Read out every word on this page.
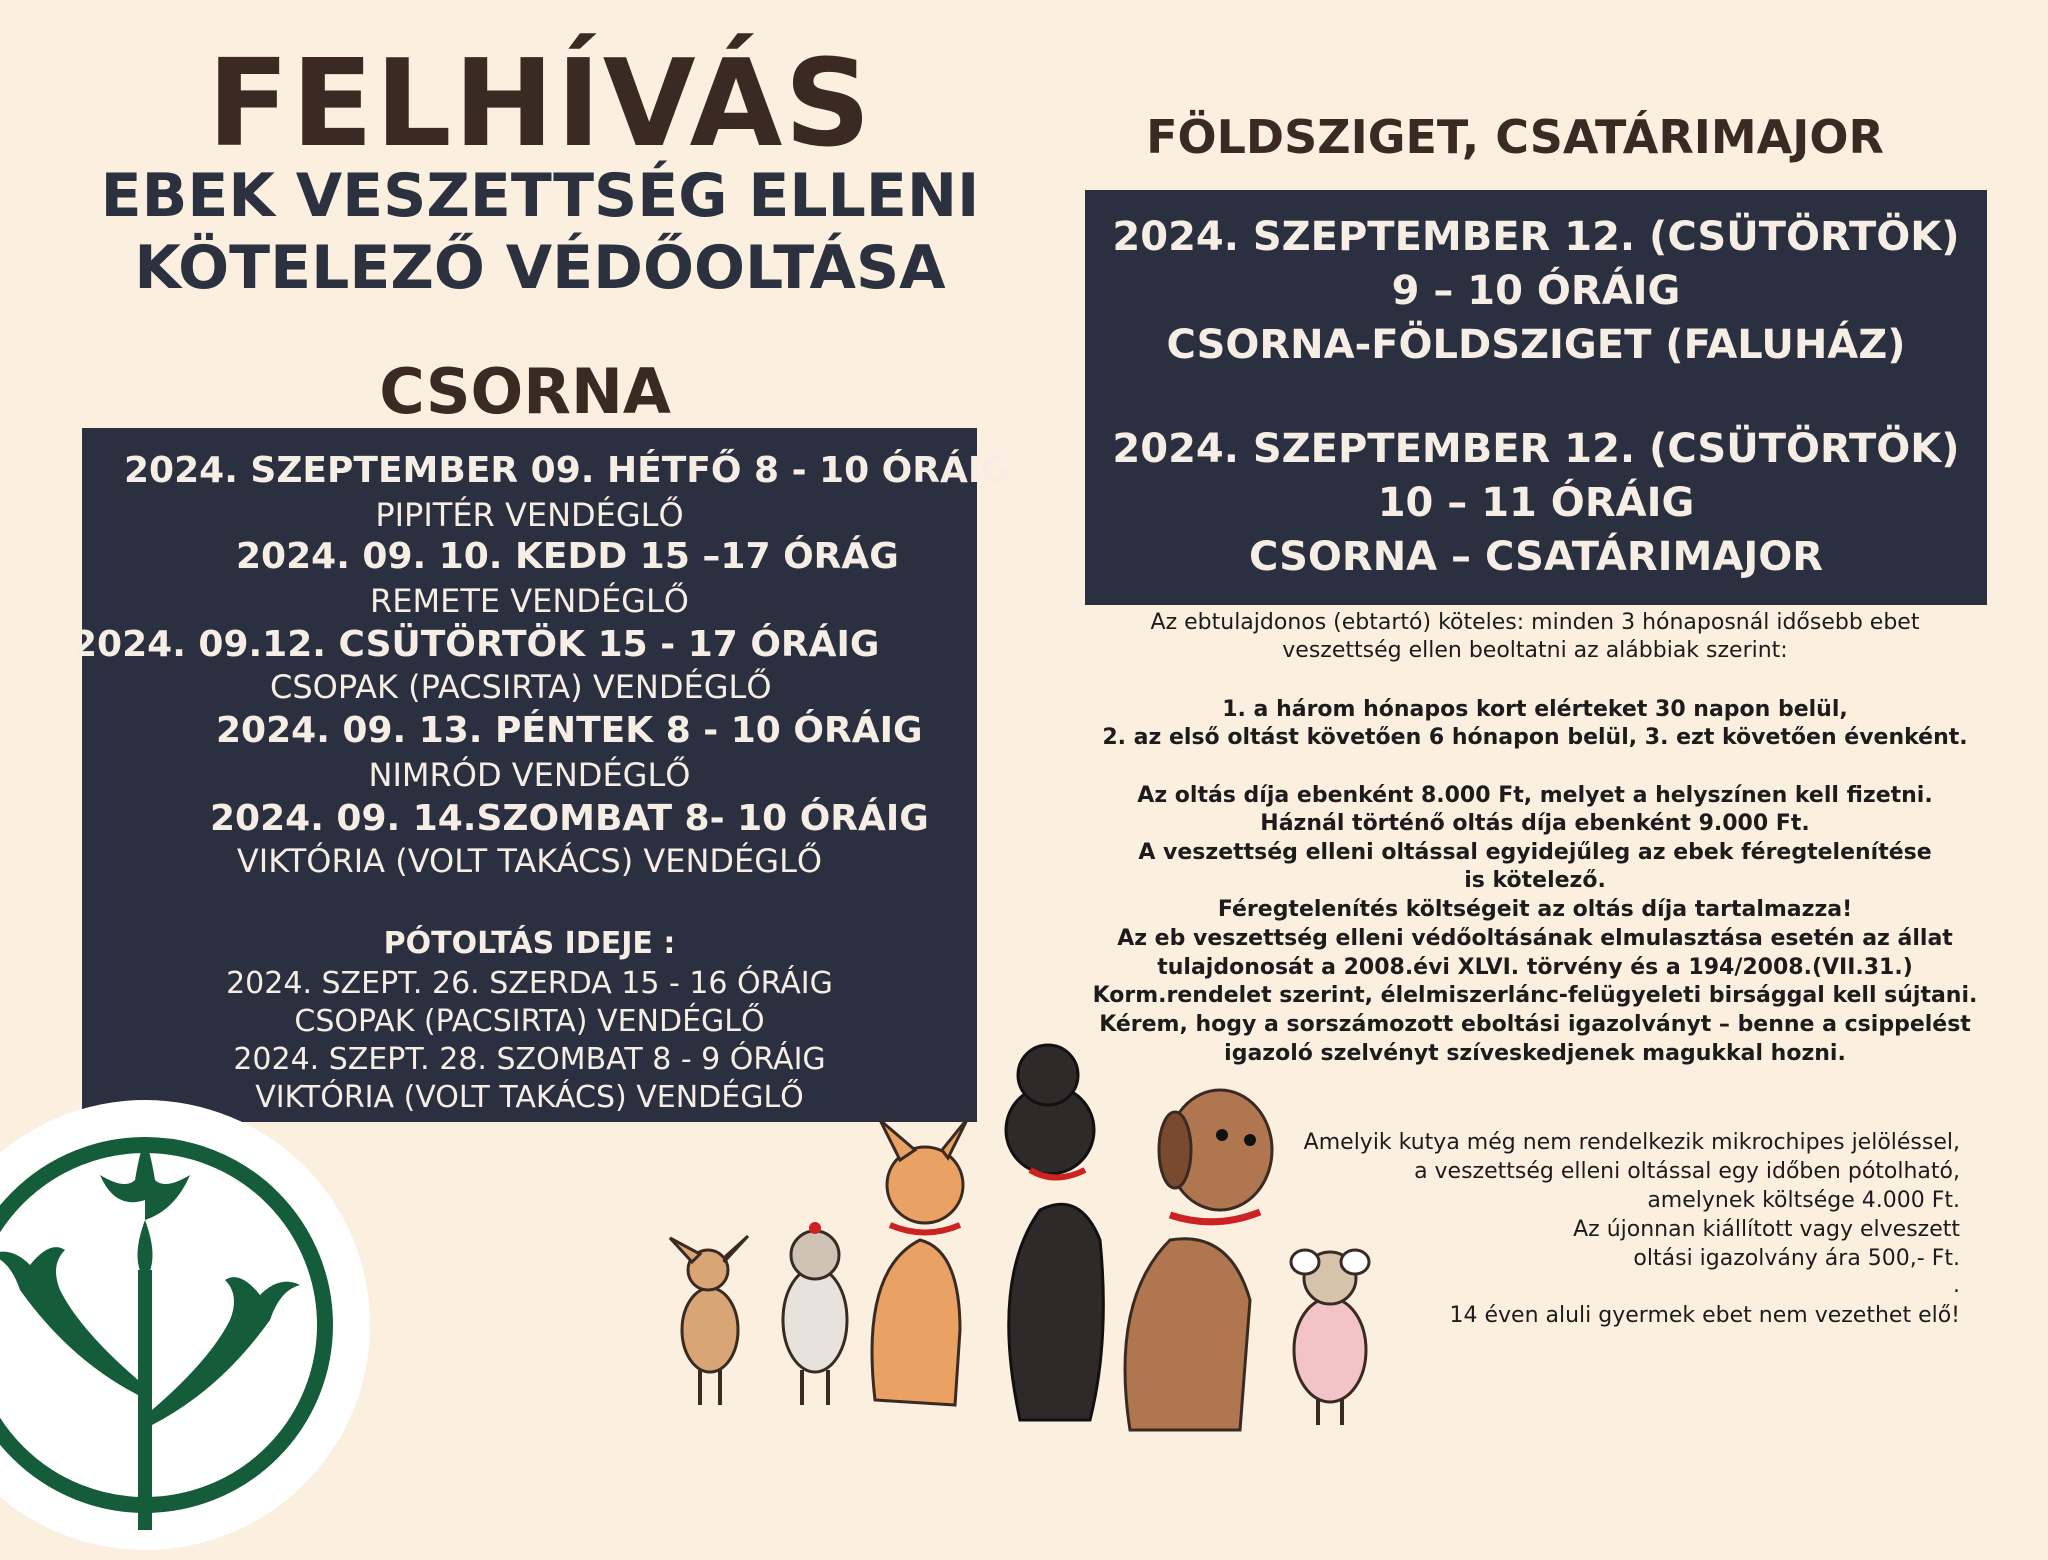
FELHÍVÁS
EBEK VESZETTSÉG ELLENI
KÖTELEZŐ VÉDŐOLTÁSA
CSORNA
2024. SZEPTEMBER 09. HÉTFŐ 8 - 10 ÓRÁIG
PIPITÉR VENDÉGLŐ
2024. 09. 10. KEDD 15 –17 ÓRÁG
REMETE VENDÉGLŐ
2024. 09.12. CSÜTÖRTÖK 15 - 17 ÓRÁIG
CSOPAK (PACSIRTA) VENDÉGLŐ
2024. 09. 13. PÉNTEK 8 - 10 ÓRÁIG
NIMRÓD VENDÉGLŐ
2024. 09. 14.SZOMBAT 8- 10 ÓRÁIG
VIKTÓRIA (VOLT TAKÁCS) VENDÉGLŐ
PÓTOLTÁS IDEJE :
2024. SZEPT. 26. SZERDA 15 - 16 ÓRÁIG
CSOPAK (PACSIRTA) VENDÉGLŐ
2024. SZEPT. 28. SZOMBAT 8 - 9 ÓRÁIG
VIKTÓRIA (VOLT TAKÁCS) VENDÉGLŐ
FÖLDSZIGET, CSATÁRIMAJOR
2024. SZEPTEMBER 12. (CSÜTÖRTÖK)
9 – 10 ÓRÁIG
CSORNA-FÖLDSZIGET (FALUHÁZ)
2024. SZEPTEMBER 12. (CSÜTÖRTÖK)
10 – 11 ÓRÁIG
CSORNA – CSATÁRIMAJOR
Az ebtulajdonos (ebtartó) köteles: minden 3 hónaposnál idősebb ebet
veszettség ellen beoltatni az alábbiak szerint:
1. a három hónapos kort elérteket 30 napon belül,
2. az első oltást követően 6 hónapon belül, 3. ezt követően évenként.
Az oltás díja ebenként 8.000 Ft, melyet a helyszínen kell fizetni.
Háznál történő oltás díja ebenként 9.000 Ft.
A veszettség elleni oltással egyidejűleg az ebek féregtelenítése
is kötelező.
Féregtelenítés költségeit az oltás díja tartalmazza!
Az eb veszettség elleni védőoltásának elmulasztása esetén az állat
tulajdonosát a 2008.évi XLVI. törvény és a 194/2008.(VII.31.)
Korm.rendelet szerint, élelmiszerlánc-felügyeleti birsággal kell sújtani.
Kérem, hogy a sorszámozott eboltási igazolványt – benne a csippelést
igazoló szelvényt szíveskedjenek magukkal hozni.
Amelyik kutya még nem rendelkezik mikrochipes jelöléssel,
a veszettség elleni oltással egy időben pótolható,
amelynek költsége 4.000 Ft.
Az újonnan kiállított vagy elveszett
oltási igazolvány ára 500,- Ft.
.
14 éven aluli gyermek ebet nem vezethet elő!
